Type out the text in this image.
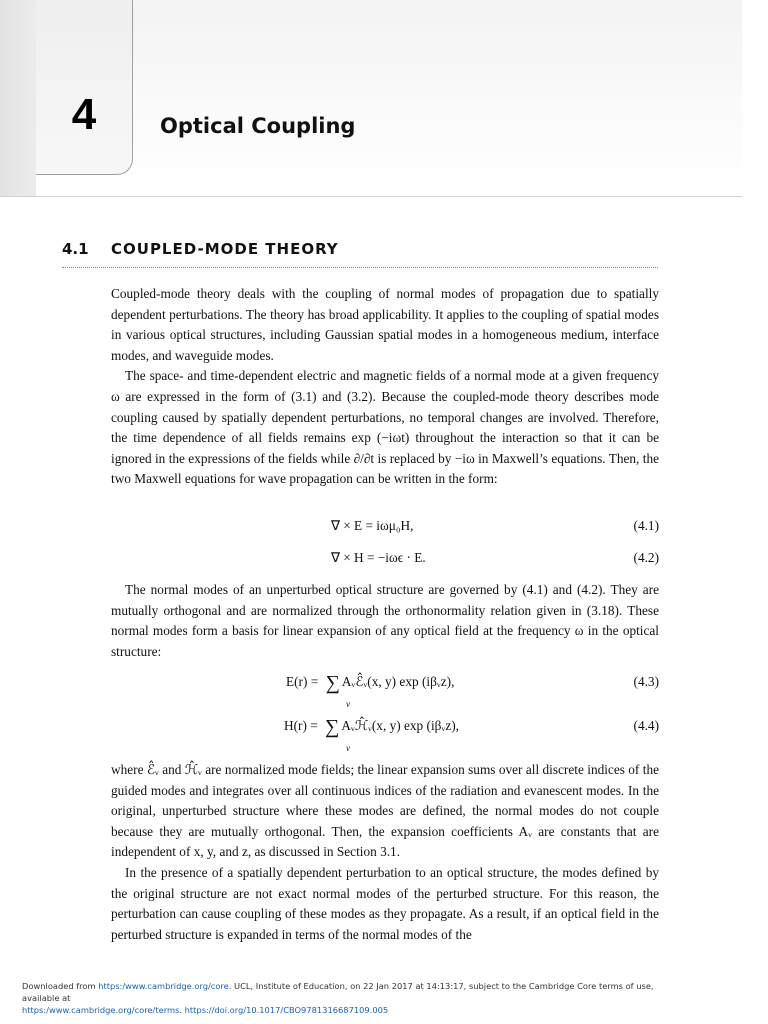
4	Optical Coupling
4.1 COUPLED-MODE THEORY

Coupled-mode theory deals with the coupling of normal modes of propagation due to spatially dependent perturbations. The theory has broad applicability. It applies to the coupling of spatial modes in various optical structures, including Gaussian spatial modes in a homogeneous medium, interface modes, and waveguide modes.

The space- and time-dependent electric and magnetic fields of a normal mode at a given frequency ω are expressed in the form of (3.1) and (3.2). Because the coupled-mode theory describes mode coupling caused by spatially dependent perturbations, no temporal changes are involved. Therefore, the time dependence of all fields remains exp (−iωt) throughout the interaction so that it can be ignored in the expressions of the fields while ∂/∂t is replaced by −iω in Maxwell’s equations. Then, the two Maxwell equations for wave propagation can be written in the form:

∇ × E = iωμ₀H,	(4.1)
∇ × H = −iωϵ · E.	(4.2)

The normal modes of an unperturbed optical structure are governed by (4.1) and (4.2). They are mutually orthogonal and are normalized through the orthonormality relation given in (3.18). These normal modes form a basis for linear expansion of any optical field at the frequency ω in the optical structure:

E(r) = ∑ Aᵥℰ̂ᵥ(x, y) exp (iβᵥz),
ν
(4.3)
H(r) = ∑ Aᵥℋ̂ᵥ(x, y) exp (iβᵥz),
ν
(4.4)

where ℰ̂ᵥ and ℋ̂ᵥ are normalized mode fields; the linear expansion sums over all discrete indices of the guided modes and integrates over all continuous indices of the radiation and evanescent modes. In the original, unperturbed structure where these modes are defined, the normal modes do not couple because they are mutually orthogonal. Then, the expansion coefficients Aᵥ are constants that are independent of x, y, and z, as discussed in Section 3.1.

In the presence of a spatially dependent perturbation to an optical structure, the modes defined by the original structure are not exact normal modes of the perturbed structure. For this reason, the perturbation can cause coupling of these modes as they propagate. As a result, if an optical field in the perturbed structure is expanded in terms of the normal modes of the

Downloaded from https:/www.cambridge.org/core. UCL, Institute of Education, on 22 Jan 2017 at 14:13:17, subject to the Cambridge Core terms of use, available at
https:/www.cambridge.org/core/terms. https://doi.org/10.1017/CBO9781316687109.005
